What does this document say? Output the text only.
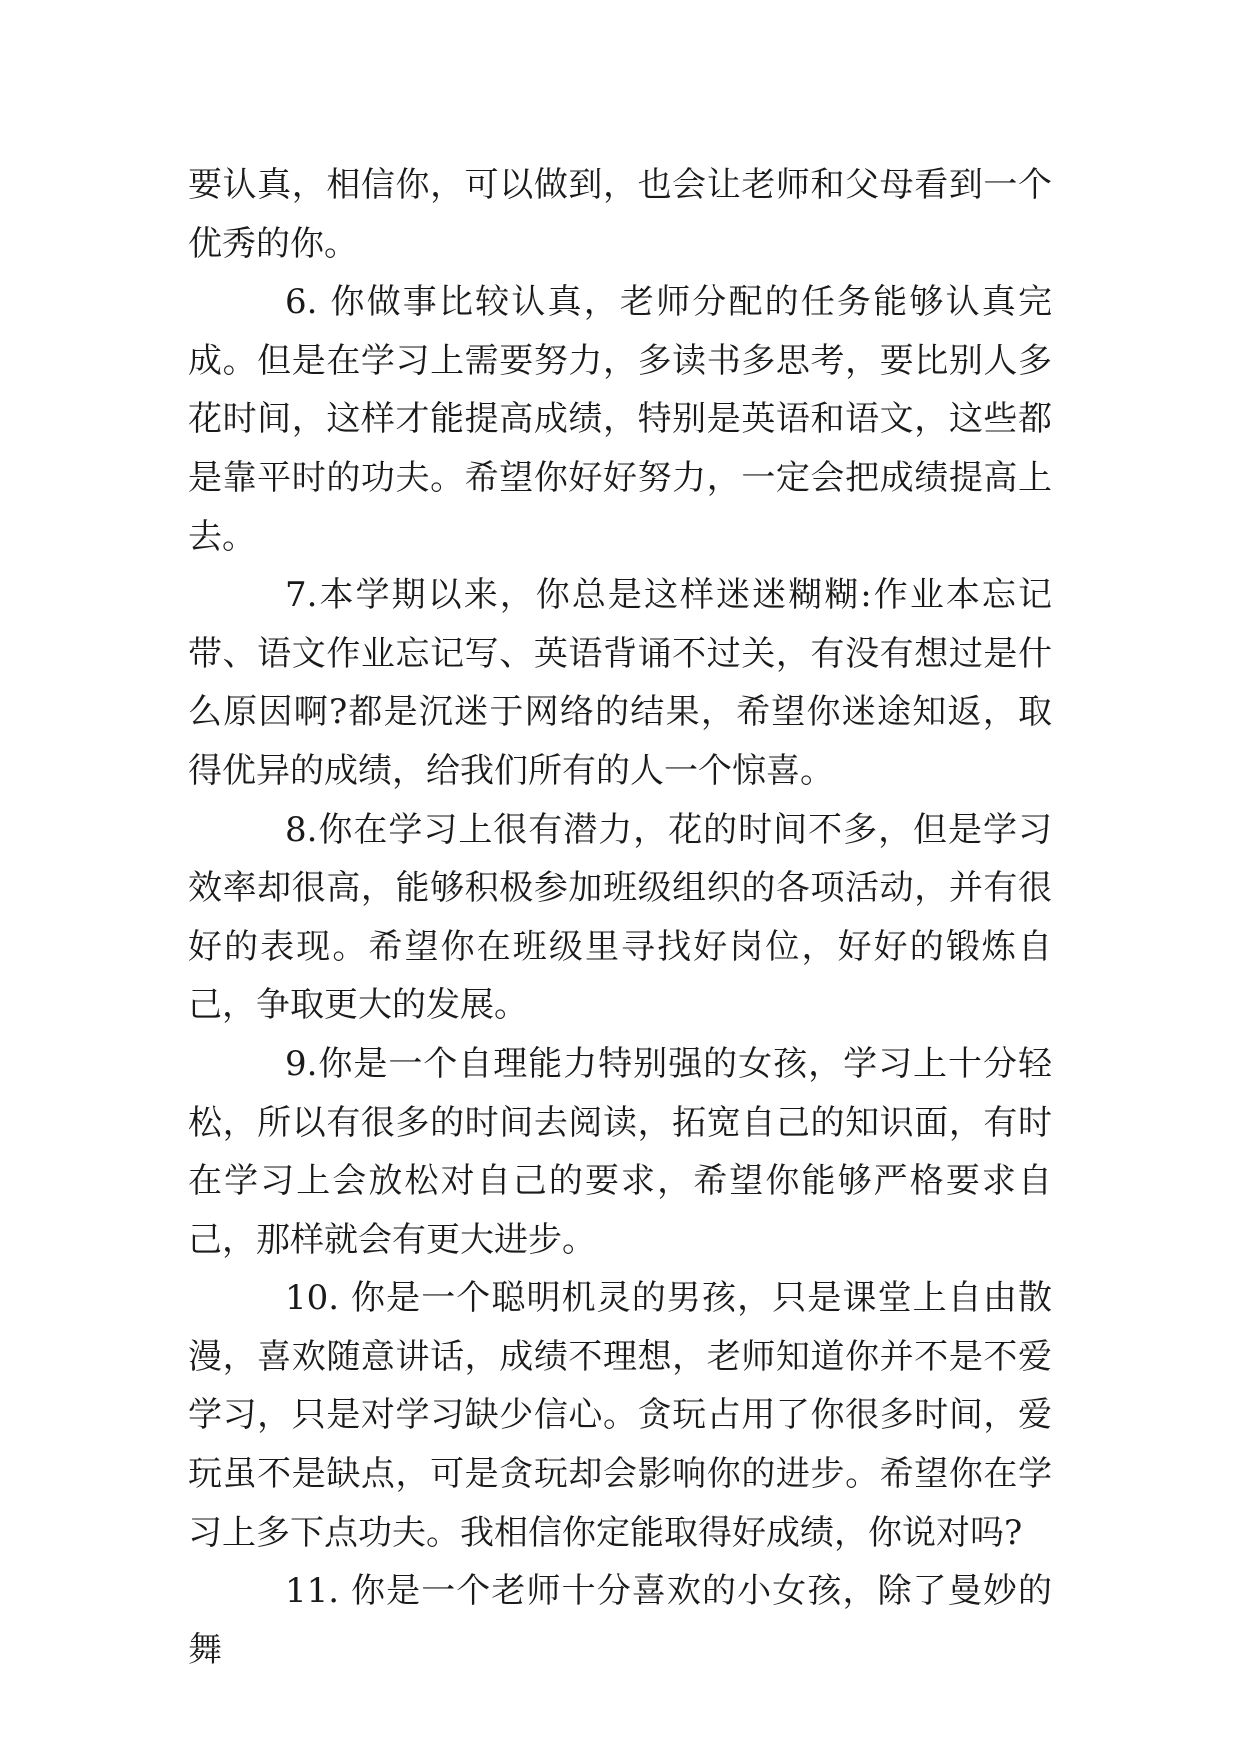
要认真，相信你，可以做到，也会让老师和父母看到一个优秀的你。

6. 你做事比较认真，老师分配的任务能够认真完成。但是在学习上需要努力，多读书多思考，要比别人多花时间，这样才能提高成绩，特别是英语和语文，这些都是靠平时的功夫。希望你好好努力，一定会把成绩提高上去。

7.本学期以来，你总是这样迷迷糊糊:作业本忘记带、语文作业忘记写、英语背诵不过关，有没有想过是什么原因啊?都是沉迷于网络的结果，希望你迷途知返，取得优异的成绩，给我们所有的人一个惊喜。

8.你在学习上很有潜力，花的时间不多，但是学习效率却很高，能够积极参加班级组织的各项活动，并有很好的表现。希望你在班级里寻找好岗位，好好的锻炼自己，争取更大的发展。

9.你是一个自理能力特别强的女孩，学习上十分轻松，所以有很多的时间去阅读，拓宽自己的知识面，有时在学习上会放松对自己的要求，希望你能够严格要求自己，那样就会有更大进步。

10. 你是一个聪明机灵的男孩，只是课堂上自由散漫，喜欢随意讲话，成绩不理想，老师知道你并不是不爱学习，只是对学习缺少信心。贪玩占用了你很多时间，爱玩虽不是缺点，可是贪玩却会影响你的进步。希望你在学习上多下点功夫。我相信你定能取得好成绩，你说对吗?

11. 你是一个老师十分喜欢的小女孩，除了曼妙的舞
